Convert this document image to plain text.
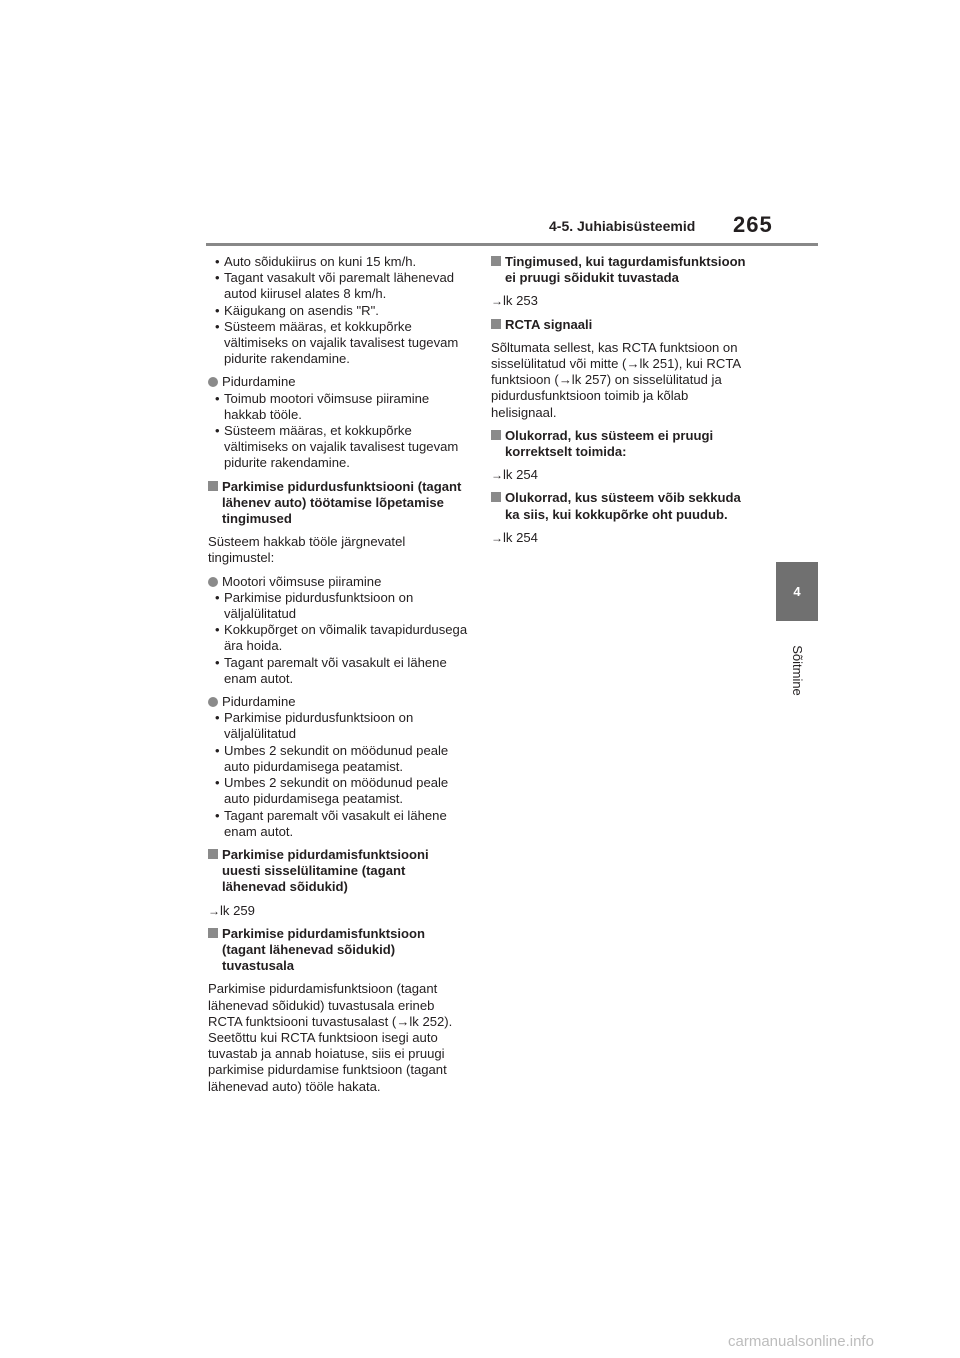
4-5. Juhiabisüsteemid 265
4
Sõitmine
• Auto sõidukiirus on kuni 15 km/h.
• Tagant vasakult või paremalt lähenevad autod kiirusel alates 8 km/h.
• Käigukang on asendis "R".
• Süsteem määras, et kokkupõrke vältimiseks on vajalik tavalisest tugevam pidurite rakendamine.
Pidurdamine
• Toimub mootori võimsuse piiramine hakkab tööle.
• Süsteem määras, et kokkupõrke vältimiseks on vajalik tavalisest tugevam pidurite rakendamine.
Parkimise pidurdusfunktsiooni (tagant lähenev auto) töötamise lõpetamise tingimused
Süsteem hakkab tööle järgnevatel tingimustel:
Mootori võimsuse piiramine
• Parkimise pidurdusfunktsioon on väljalülitatud
• Kokkupõrget on võimalik tavapidurdusega ära hoida.
• Tagant paremalt või vasakult ei lähene enam autot.
Pidurdamine
• Parkimise pidurdusfunktsioon on väljalülitatud
• Umbes 2 sekundit on möödunud peale auto pidurdamisega peatamist.
• Umbes 2 sekundit on möödunud peale auto pidurdamisega peatamist.
• Tagant paremalt või vasakult ei lähene enam autot.
Parkimise pidurdamisfunktsiooni uuesti sisselülitamine (tagant lähenevad sõidukid)
→lk 259
Parkimise pidurdamisfunktsioon (tagant lähenevad sõidukid) tuvastusala
Parkimise pidurdamisfunktsioon (tagant lähenevad sõidukid) tuvastusala erineb RCTA funktsiooni tuvastusalast (→lk 252). Seetõttu kui RCTA funktsioon isegi auto tuvastab ja annab hoiatuse, siis ei pruugi parkimise pidurdamise funktsioon (tagant lähenevad auto) tööle hakata.
Tingimused, kui tagurdamisfunktsioon ei pruugi sõidukit tuvastada
→lk 253
RCTA signaali
Sõltumata sellest, kas RCTA funktsioon on sisselülitatud või mitte (→lk 251), kui RCTA funktsioon (→lk 257) on sisselülitatud ja pidurdusfunktsioon toimib ja kõlab helisignaal.
Olukorrad, kus süsteem ei pruugi korrektselt toimida:
→lk 254
Olukorrad, kus süsteem võib sekkuda ka siis, kui kokkupõrke oht puudub.
→lk 254
carmanualsonline.info
